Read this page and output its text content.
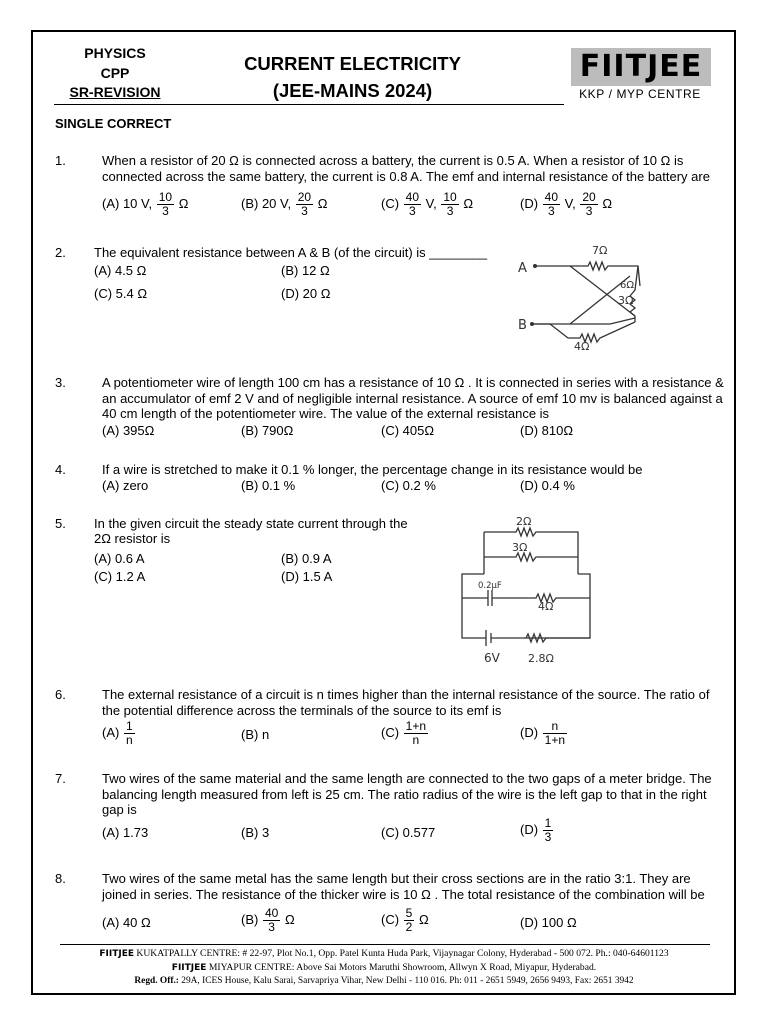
PHYSICS
CPP
SR-REVISION
CURRENT ELECTRICITY
(JEE-MAINS 2024)
FIITJEE
KKP / MYP CENTRE
SINGLE CORRECT
1.	When a resistor of 20 Ω is connected across a battery, the current is 0.5 A. When a resistor of 10 Ω is connected across the same battery, the current is 0.8 A. The emf and internal resistance of the battery are
(A) 10 V, $\frac{10}{3}$ Ω	(B) 20 V, $\frac{20}{3}$ Ω	$(C) \frac{40}{3} V$, $\frac{10}{3}$ Ω	$(D) \frac{40}{3} V$, $\frac{20}{3}$ Ω
2. The equivalent resistance between A & B (of the circuit) is ________
(A) 4.5 Ω	(B) 12 Ω
(C) 5.4 Ω	(D) 20 Ω
A
B
7Ω
6Ω
3Ω
4Ω
3.	A potentiometer wire of length 100 cm has a resistance of 10 Ω . It is connected in series with a resistance & an accumulator of emf 2 V and of negligible internal resistance. A source of emf 10 mv is balanced against a 40 cm length of the potentiometer wire. The value of the external resistance is
(A) 395Ω	(B) 790Ω	(C) 405Ω	(D) 810Ω
4.	If a wire is stretched to make it 0.1 % longer, the percentage change in its resistance would be
(A) zero	(B) 0.1 %	(C) 0.2 %	(D) 0.4 %
5. In the given circuit the steady state current through the
2Ω resistor is
(A) 0.6 A	(B) 0.9 A
(C) 1.2 A	(D) 1.5 A
2Ω
3Ω
0.2μF
4Ω
6V	2.8Ω
6.	The external resistance of a circuit is n times higher than the internal resistance of the source. The ratio of the potential difference across the terminals of the source to its emf is
$(A) \frac{1}{n}$	(B) n	$(C) \frac{1+n}{n}$	$(D) \frac{n}{1+n}$
7.	Two wires of the same material and the same length are connected to the two gaps of a meter bridge. The balancing length measured from left is 25 cm. The ratio radius of the wire is the left gap to that in the right gap is
(A) 1.73	(B) 3	(C) 0.577	$(D) \frac{1}{3}$
8.	Two wires of the same metal has the same length but their cross sections are in the ratio 3:1. They are joined in series. The resistance of the thicker wire is 10 Ω . The total resistance of the combination will be
(A) 40 Ω	$(B) \frac{40}{3}$ Ω	$(C) \frac{5}{2}$ Ω	(D) 100 Ω
FIITJEE KUKATPALLY CENTRE: # 22-97, Plot No.1, Opp. Patel Kunta Huda Park, Vijaynagar Colony, Hyderabad - 500 072. Ph.: 040-64601123
FIITJEE MIYAPUR CENTRE: Above Sai Motors Maruthi Showroom, Allwyn X Road, Miyapur, Hyderabad.
Regd. Off.: 29A, ICES House, Kalu Sarai, Sarvapriya Vihar, New Delhi - 110 016. Ph: 011 - 2651 5949, 2656 9493, Fax: 2651 3942
